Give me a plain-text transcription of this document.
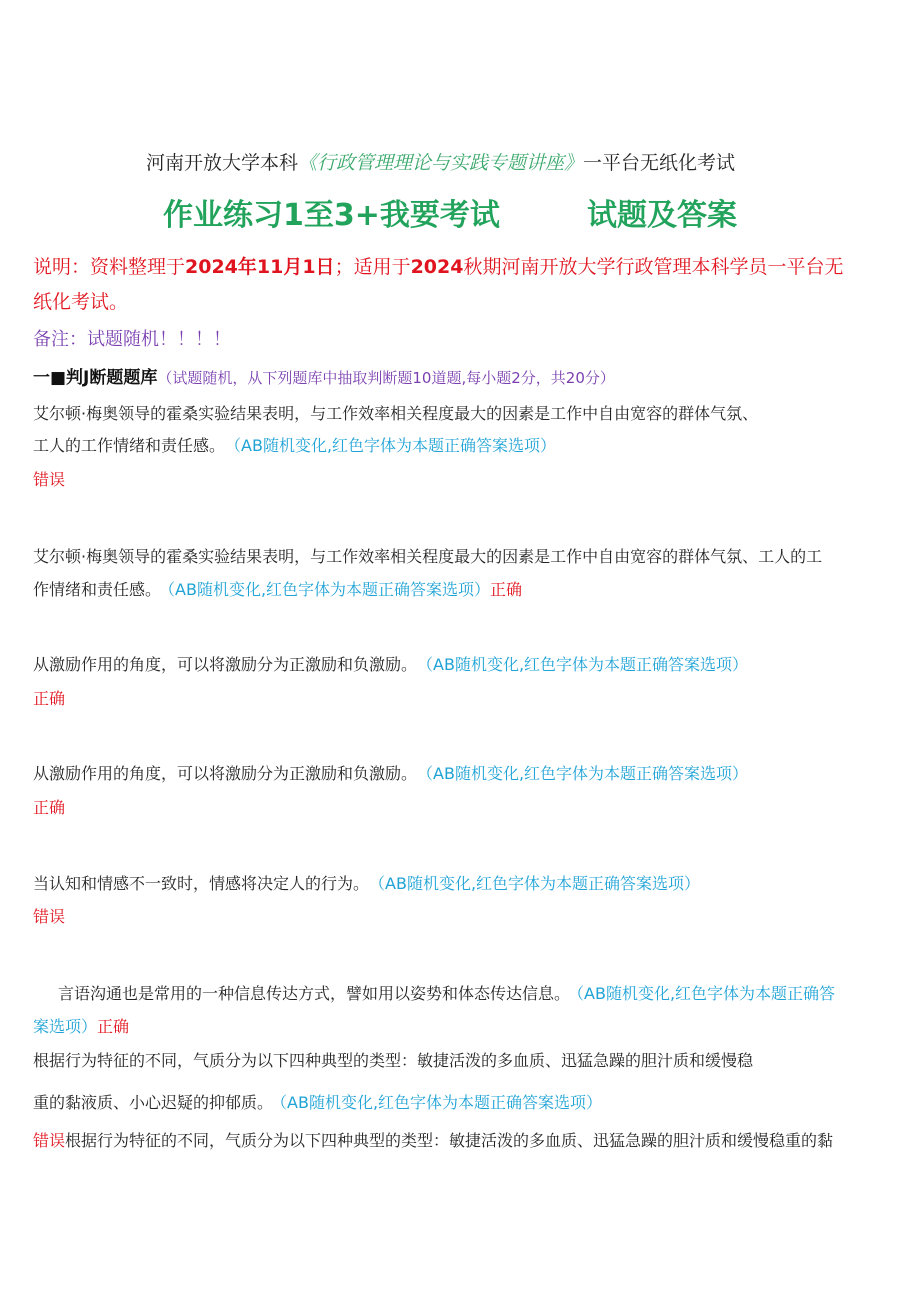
河南开放大学本科《行政管理理论与实践专题讲座》一平台无纸化考试
作业练习1至3+我要考试	试题及答案
说明：资料整理于2024年11月1日；适用于2024秋期河南开放大学行政管理本科学员一平台无
纸化考试。
备注：试题随机！！！！
一■判J断题题库（试题随机，从下列题库中抽取判断题10道题,每小题2分，共20分）
艾尔顿·梅奥领导的霍桑实验结果表明，与工作效率相关程度最大的因素是工作中自由宽容的群体气氛、
工人的工作情绪和责任感。 （AB随机变化,红色字体为本题正确答案选项）
错误
艾尔顿·梅奥领导的霍桑实验结果表明，与工作效率相关程度最大的因素是工作中自由宽容的群体气氛、工人的工
作情绪和责任感。 （AB随机变化,红色字体为本题正确答案选项）正确
从激励作用的角度，可以将激励分为正激励和负激励。 （AB随机变化,红色字体为本题正确答案选项）
正确
从激励作用的角度，可以将激励分为正激励和负激励。 （AB随机变化,红色字体为本题正确答案选项）
正确
当认知和情感不一致时，情感将决定人的行为。 （AB随机变化,红色字体为本题正确答案选项）
错误
言语沟通也是常用的一种信息传达方式，譬如用以姿势和体态传达信息。 （AB随机变化,红色字体为本题正确答
案选项）正确
根据行为特征的不同，气质分为以下四种典型的类型：敏捷活泼的多血质、迅猛急躁的胆汁质和缓慢稳
重的黏液质、小心迟疑的抑郁质。 （AB随机变化,红色字体为本题正确答案选项）
错误根据行为特征的不同，气质分为以下四种典型的类型：敏捷活泼的多血质、迅猛急躁的胆汁质和缓慢稳重的黏
